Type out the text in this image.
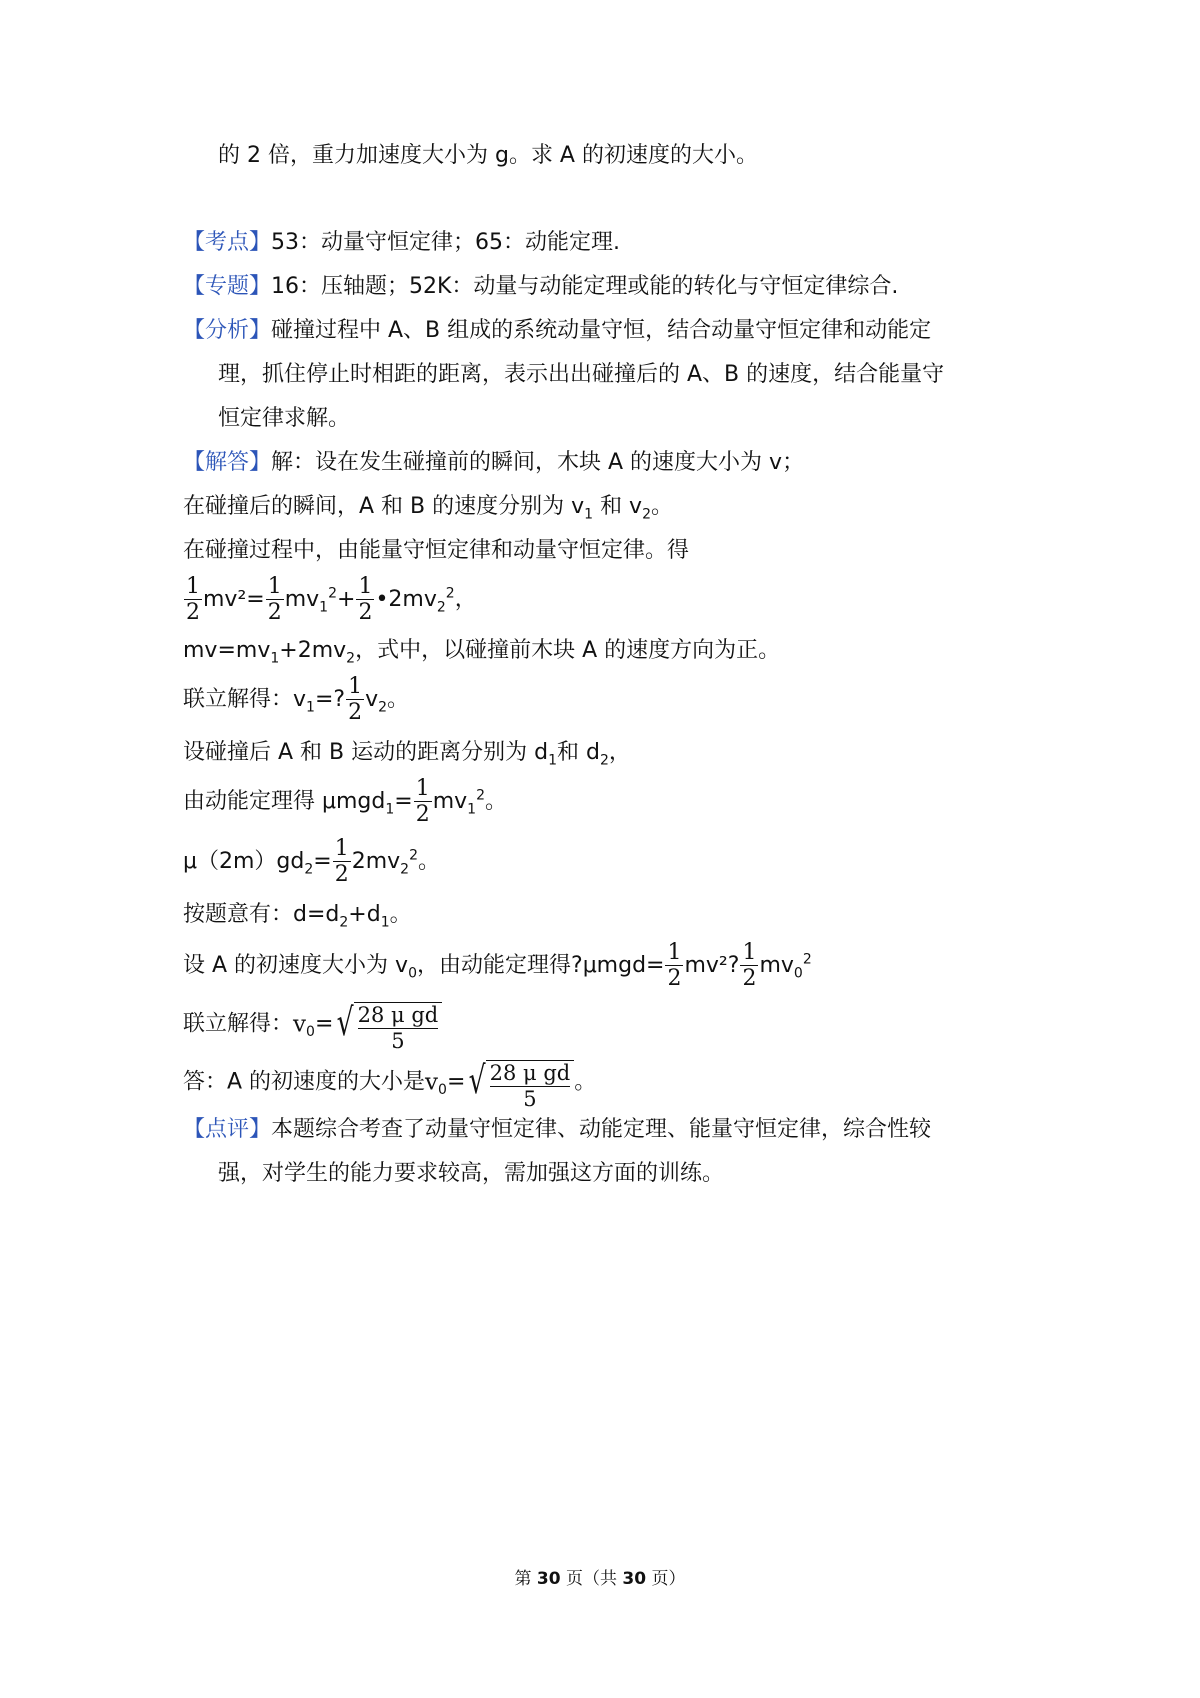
的 2 倍，重力加速度大小为 g。求 A 的初速度的大小。
【考点】53：动量守恒定律；65：动能定理.
【专题】16：压轴题；52K：动量与动能定理或能的转化与守恒定律综合.
【分析】碰撞过程中 A、B 组成的系统动量守恒，结合动量守恒定律和动能定
理，抓住停止时相距的距离，表示出出碰撞后的 A、B 的速度，结合能量守
恒定律求解。
【解答】解：设在发生碰撞前的瞬间，木块 A 的速度大小为 v；
在碰撞后的瞬间，A 和 B 的速度分别为 $v_1$ 和 $v_2$。
在碰撞过程中，由能量守恒定律和动量守恒定律。得
$\frac{1}{2} mv^2= \frac{1}{2} mv_1^2+ \frac{1}{2}$ $•2mv_2^2$，
$mv=mv_1+2mv_2$，式中，以碰撞前木块 A 的速度方向为正。
联立解得：$v_1=$? $\frac{1}{2} v_2$。
设碰撞后 A 和 B 运动的距离分别为 $d_1$和 $d_2$，
由动能定理得 $\mu mgd_1= \frac{1}{2} mv_1^2$。
$\mu(2m)gd_2= \frac{1}{2} 2mv_2^2$。
按题意有：$d=d_2+d_1$。
设 A 的初速度大小为 $v_0$，由动能定理得?μmgd= $\frac{1}{2} mv^2$? $\frac{1}{2} mv_0^2$
联立解得：$v_0=$ √ $\frac{\text{28 μ gd}}{5}$
答：A 的初速度的大小是$v_0=$ √ $\frac{\text{28 μ gd}}{5}$ 。
【点评】本题综合考查了动量守恒定律、动能定理、能量守恒定律，综合性较
强，对学生的能力要求较高，需加强这方面的训练。
第 30 页（共 30 页）
